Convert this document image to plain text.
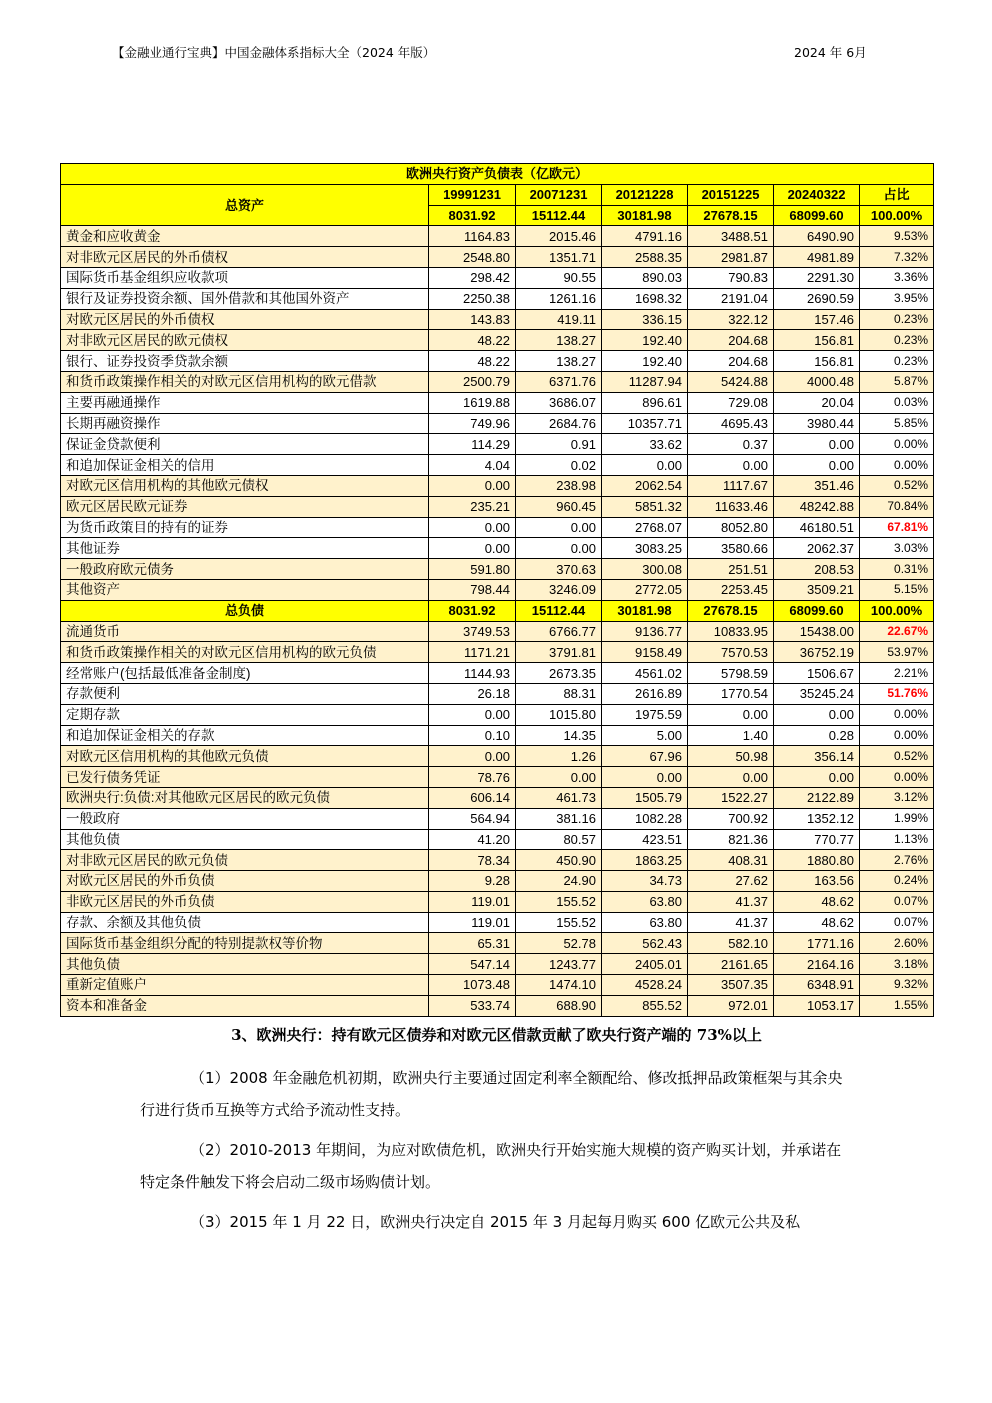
【金融业通行宝典】中国金融体系指标大全（2024 年版）	2024 年 6月
欧洲央行资产负债表（亿欧元）						
总资产	19991231	20071231	20121228	20151225	20240322	占比
	8031.92	15112.44	30181.98	27678.15	68099.60	100.00%
黄金和应收黄金	1164.83	2015.46	4791.16	3488.51	6490.90	9.53%
对非欧元区居民的外币债权	2548.80	1351.71	2588.35	2981.87	4981.89	7.32%
国际货币基金组织应收款项	298.42	90.55	890.03	790.83	2291.30	3.36%
银行及证券投资余额、国外借款和其他国外资产	2250.38	1261.16	1698.32	2191.04	2690.59	3.95%
对欧元区居民的外币债权	143.83	419.11	336.15	322.12	157.46	0.23%
对非欧元区居民的欧元债权	48.22	138.27	192.40	204.68	156.81	0.23%
银行、证券投资季贷款余额	48.22	138.27	192.40	204.68	156.81	0.23%
和货币政策操作相关的对欧元区信用机构的欧元借款	2500.79	6371.76	11287.94	5424.88	4000.48	5.87%
主要再融通操作	1619.88	3686.07	896.61	729.08	20.04	0.03%
长期再融资操作	749.96	2684.76	10357.71	4695.43	3980.44	5.85%
保证金贷款便利	114.29	0.91	33.62	0.37	0.00	0.00%
和追加保证金相关的信用	4.04	0.02	0.00	0.00	0.00	0.00%
对欧元区信用机构的其他欧元债权	0.00	238.98	2062.54	1117.67	351.46	0.52%
欧元区居民欧元证券	235.21	960.45	5851.32	11633.46	48242.88	70.84%
为货币政策目的持有的证券	0.00	0.00	2768.07	8052.80	46180.51	67.81%
其他证券	0.00	0.00	3083.25	3580.66	2062.37	3.03%
一般政府欧元债务	591.80	370.63	300.08	251.51	208.53	0.31%
其他资产	798.44	3246.09	2772.05	2253.45	3509.21	5.15%
总负债	8031.92	15112.44	30181.98	27678.15	68099.60	100.00%
流通货币	3749.53	6766.77	9136.77	10833.95	15438.00	22.67%
和货币政策操作相关的对欧元区信用机构的欧元负债	1171.21	3791.81	9158.49	7570.53	36752.19	53.97%
经常账户(包括最低准备金制度)	1144.93	2673.35	4561.02	5798.59	1506.67	2.21%
存款便利	26.18	88.31	2616.89	1770.54	35245.24	51.76%
定期存款	0.00	1015.80	1975.59	0.00	0.00	0.00%
和追加保证金相关的存款	0.10	14.35	5.00	1.40	0.28	0.00%
对欧元区信用机构的其他欧元负债	0.00	1.26	67.96	50.98	356.14	0.52%
已发行债务凭证	78.76	0.00	0.00	0.00	0.00	0.00%
欧洲央行:负债:对其他欧元区居民的欧元负债	606.14	461.73	1505.79	1522.27	2122.89	3.12%
一般政府	564.94	381.16	1082.28	700.92	1352.12	1.99%
其他负债	41.20	80.57	423.51	821.36	770.77	1.13%
对非欧元区居民的欧元负债	78.34	450.90	1863.25	408.31	1880.80	2.76%
对欧元区居民的外币负债	9.28	24.90	34.73	27.62	163.56	0.24%
非欧元区居民的外币负债	119.01	155.52	63.80	41.37	48.62	0.07%
存款、余额及其他负债	119.01	155.52	63.80	41.37	48.62	0.07%
国际货币基金组织分配的特别提款权等价物	65.31	52.78	562.43	582.10	1771.16	2.60%
其他负债	547.14	1243.77	2405.01	2161.65	2164.16	3.18%
重新定值账户	1073.48	1474.10	4528.24	3507.35	6348.91	9.32%
资本和准备金	533.74	688.90	855.52	972.01	1053.17	1.55%
3、欧洲央行：持有欧元区债券和对欧元区借款贡献了欧央行资产端的 73%以上
（1）2008 年金融危机初期，欧洲央行主要通过固定利率全额配给、修改抵押品政策框架与其余央行进行货币互换等方式给予流动性支持。
（2）2010-2013 年期间，为应对欧债危机，欧洲央行开始实施大规模的资产购买计划，并承诺在特定条件触发下将会启动二级市场购债计划。
（3）2015 年 1 月 22 日，欧洲央行决定自 2015 年 3 月起每月购买 600 亿欧元公共及私
